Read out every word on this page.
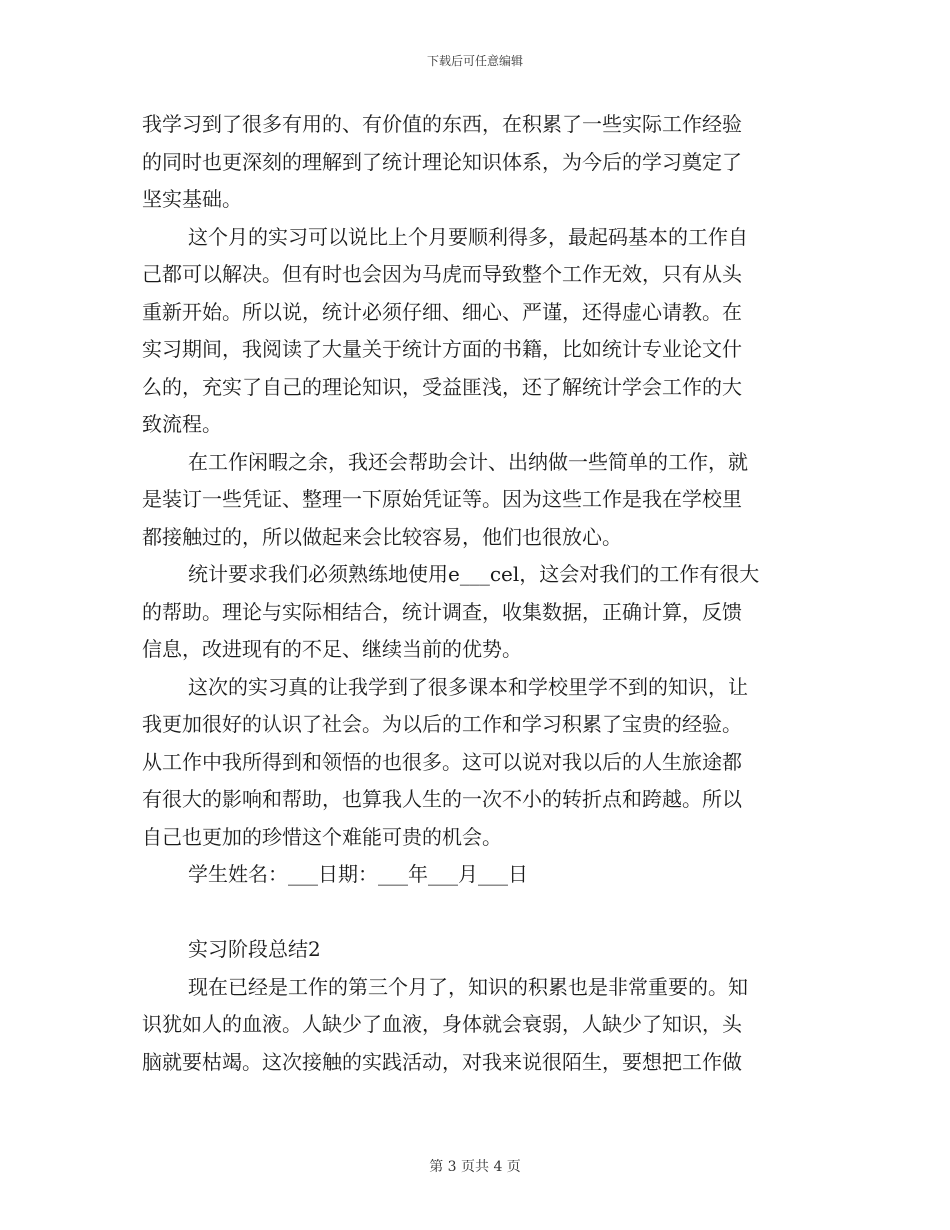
下载后可任意编辑
我学习到了很多有用的、有价值的东西，在积累了一些实际工作经验
的同时也更深刻的理解到了统计理论知识体系，为今后的学习奠定了
坚实基础。
这个月的实习可以说比上个月要顺利得多，最起码基本的工作自
己都可以解决。但有时也会因为马虎而导致整个工作无效，只有从头
重新开始。所以说，统计必须仔细、细心、严谨，还得虚心请教。在
实习期间，我阅读了大量关于统计方面的书籍，比如统计专业论文什
么的，充实了自己的理论知识，受益匪浅，还了解统计学会工作的大
致流程。
在工作闲暇之余，我还会帮助会计、出纳做一些简单的工作，就
是装订一些凭证、整理一下原始凭证等。因为这些工作是我在学校里
都接触过的，所以做起来会比较容易，他们也很放心。
统计要求我们必须熟练地使用e___cel，这会对我们的工作有很大
的帮助。理论与实际相结合，统计调查，收集数据，正确计算，反馈
信息，改进现有的不足、继续当前的优势。
这次的实习真的让我学到了很多课本和学校里学不到的知识，让
我更加很好的认识了社会。为以后的工作和学习积累了宝贵的经验。
从工作中我所得到和领悟的也很多。这可以说对我以后的人生旅途都
有很大的影响和帮助，也算我人生的一次不小的转折点和跨越。所以
自己也更加的珍惜这个难能可贵的机会。
学生姓名：___日期：___年___月___日
实习阶段总结2
现在已经是工作的第三个月了，知识的积累也是非常重要的。知
识犹如人的血液。人缺少了血液，身体就会衰弱，人缺少了知识，头
脑就要枯竭。这次接触的实践活动，对我来说很陌生，要想把工作做
第 3 页共 4 页
